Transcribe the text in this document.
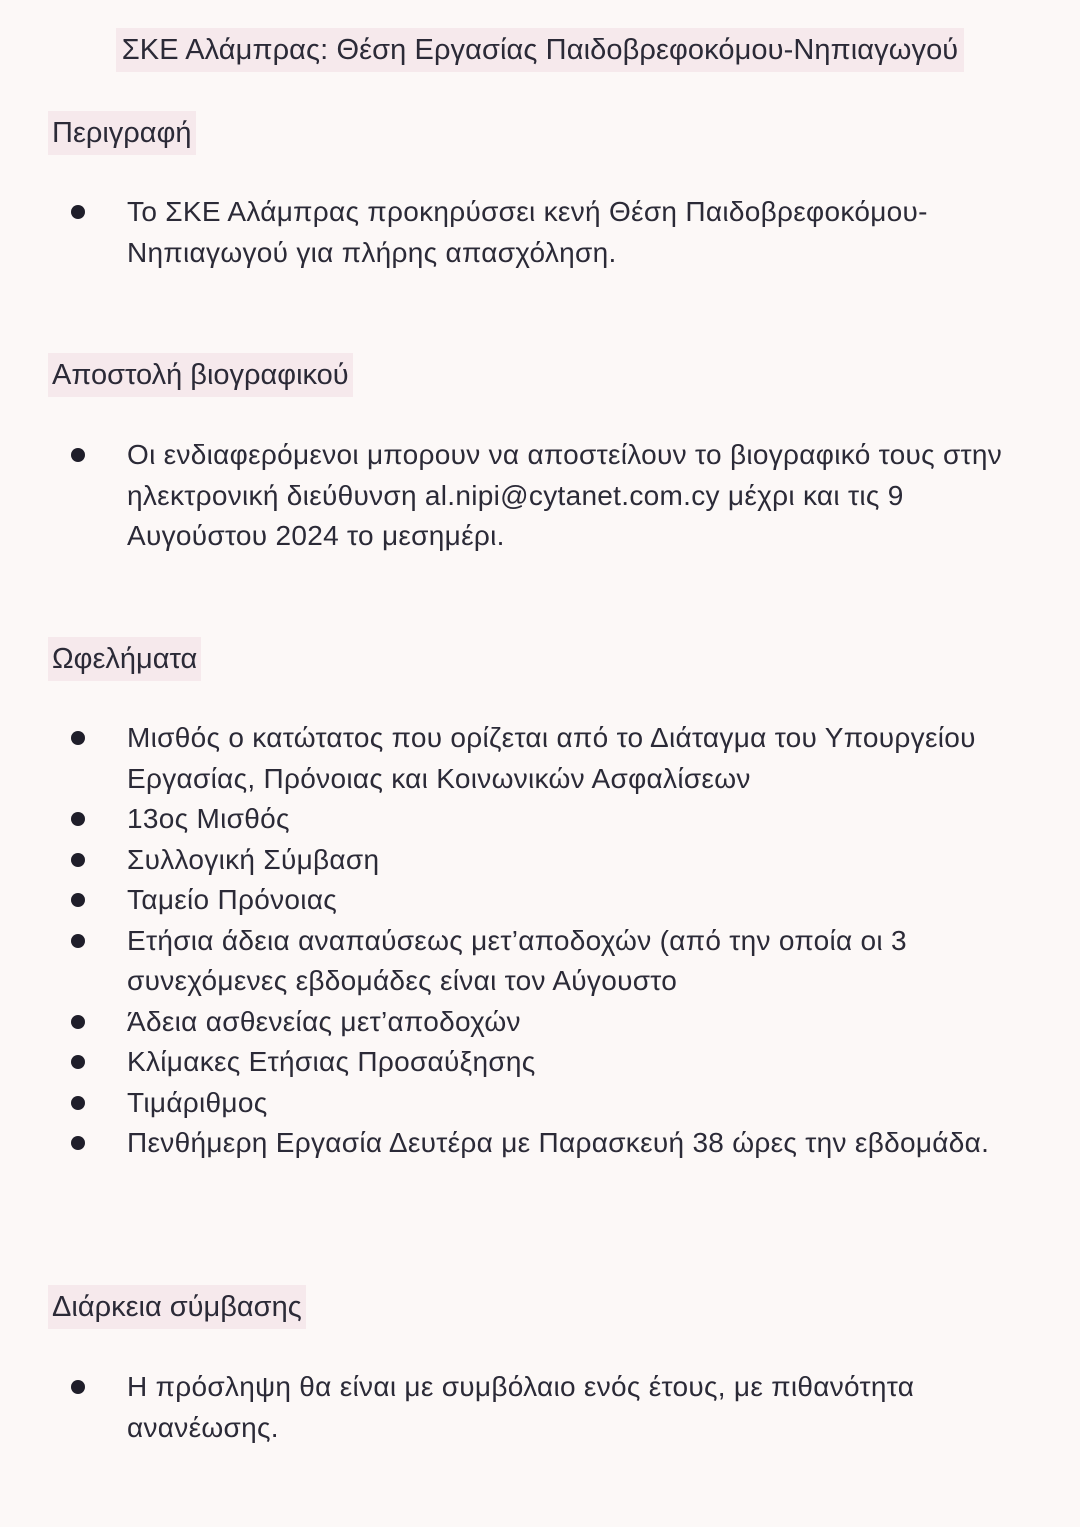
ΣΚΕ Αλάμπρας: Θέση Εργασίας Παιδοβρεφοκόμου-Νηπιαγωγού
Περιγραφή
Το ΣΚΕ Αλάμπρας προκηρύσσει κενή Θέση Παιδοβρεφοκόμου-Νηπιαγωγού για πλήρης απασχόληση.
Αποστολή βιογραφικού
Οι ενδιαφερόμενοι μπορουν να αποστείλουν το βιογραφικό τους στην ηλεκτρονική διεύθυνση al.nipi@cytanet.com.cy μέχρι και τις 9 Αυγούστου 2024 το μεσημέρι.
Ωφελήματα
Μισθός ο κατώτατος που ορίζεται από το Διάταγμα του Υπουργείου Εργασίας, Πρόνοιας και Κοινωνικών Ασφαλίσεων
13ος Μισθός
Συλλογική Σύμβαση
Ταμείο Πρόνοιας
Ετήσια άδεια αναπαύσεως μετ’αποδοχών (από την οποία οι 3 συνεχόμενες εβδομάδες είναι τον Αύγουστο
Άδεια ασθενείας μετ’αποδοχών
Κλίμακες Ετήσιας Προσαύξησης
Τιμάριθμος
Πενθήμερη Εργασία Δευτέρα με Παρασκευή 38 ώρες την εβδομάδα.
Διάρκεια σύμβασης
Η πρόσληψη θα είναι με συμβόλαιο ενός έτους, με πιθανότητα ανανέωσης.
